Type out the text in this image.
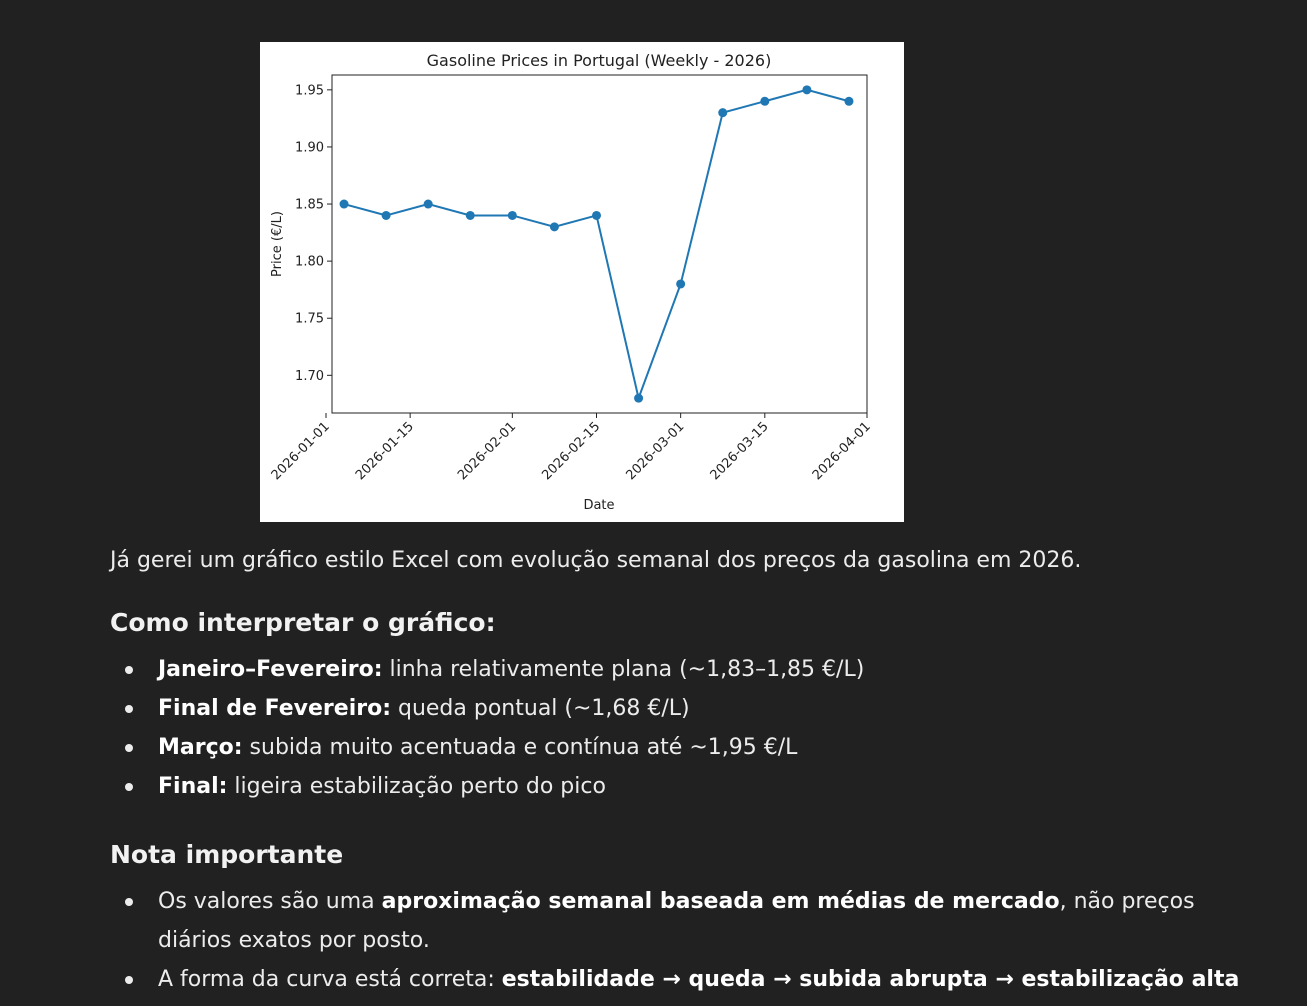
Gasoline Prices in Portugal (Weekly - 2026)
1.70
1.75
1.80
1.85
1.90
1.95
2026-01-01 2026-01-15	2026-02-01 2026-02-15 2026-03-01 2026-03-15	2026-04-01
Price (€/L)
Date

Já gerei um gráfico estilo Excel com evolução semanal dos preços da gasolina em 2026.

Como interpretar o gráfico:
Janeiro–Fevereiro: linha relativamente plana (~1,83–1,85 €/L)
Final de Fevereiro: queda pontual (~1,68 €/L)
Março: subida muito acentuada e contínua até ~1,95 €/L
Final: ligeira estabilização perto do pico
Nota importante
Os valores são uma aproximação semanal baseada em médias de mercado, não preços diários exatos por posto.
A forma da curva está correta: estabilidade → queda → subida abrupta → estabilização alta
